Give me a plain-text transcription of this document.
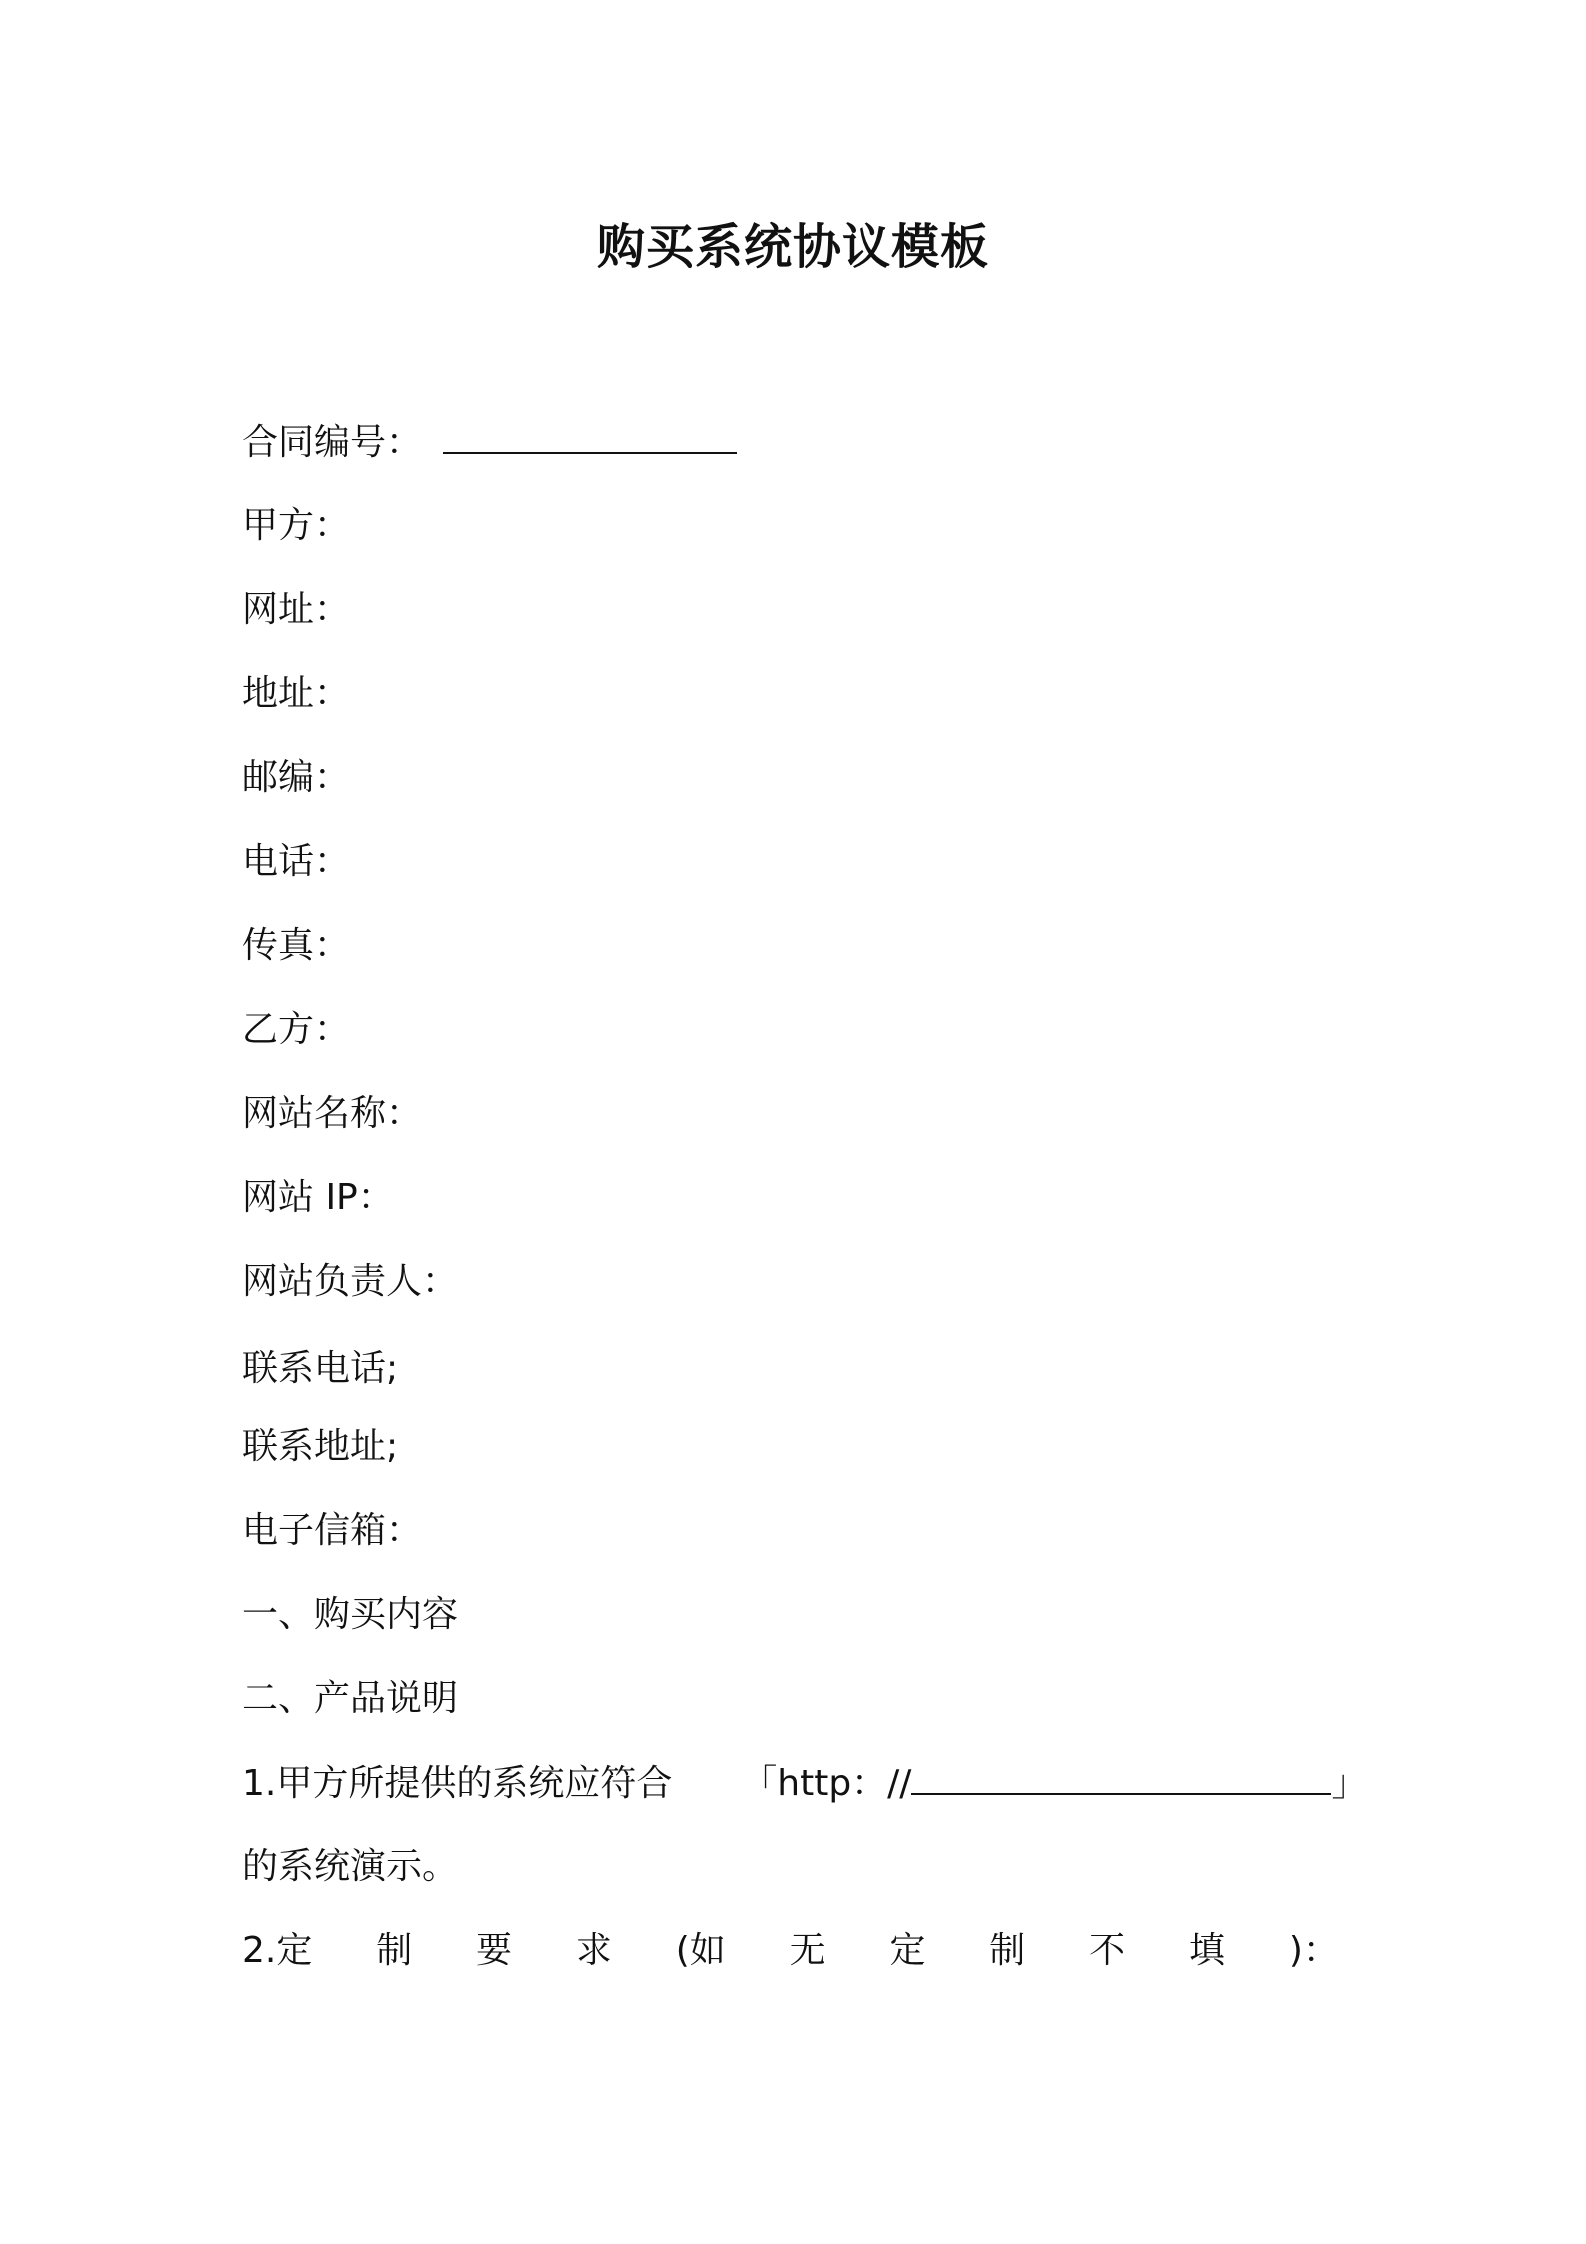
购买系统协议模板
合同编号：
甲方：
网址：
地址：
邮编：
电话：
传真：
乙方：
网站名称：
网站 IP：
网站负责人：
联系电话;
联系地址;
电子信箱：
一、购买内容
二、产品说明
1.甲方所提供的系统应符合 「http：//	」
的系统演示。
2.定 制 要 求 (如 无 定 制 不 填 )：
